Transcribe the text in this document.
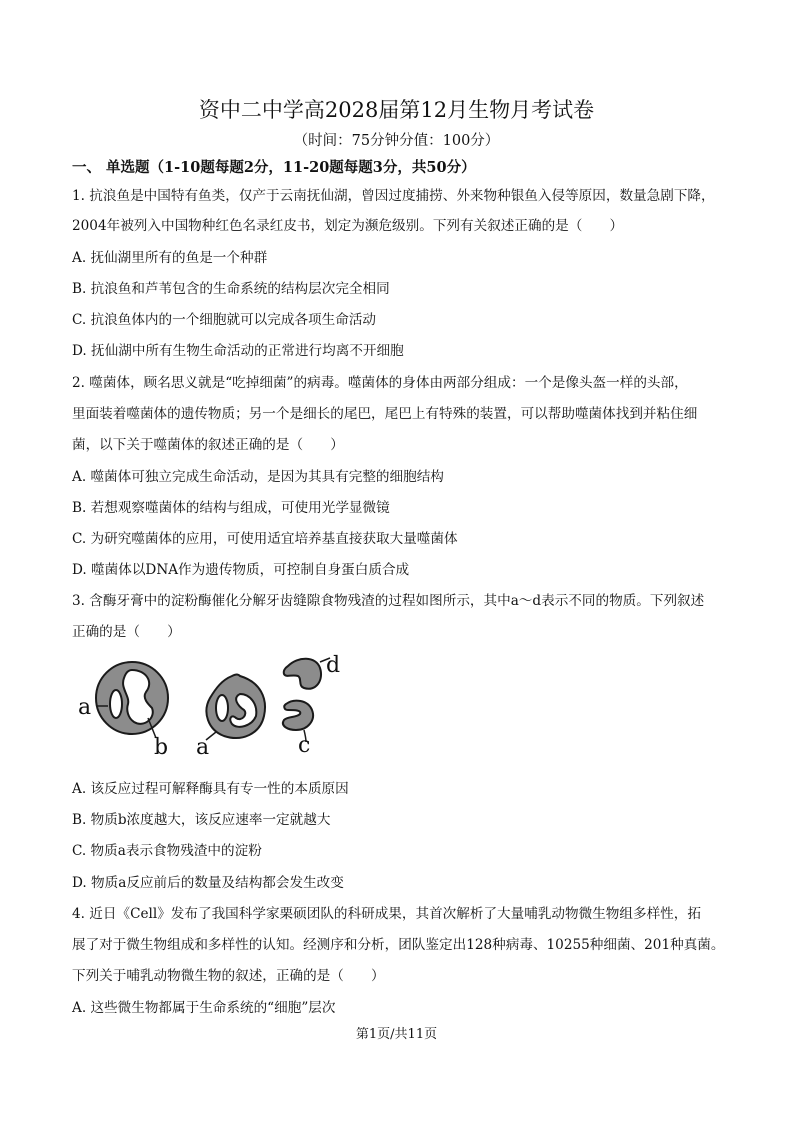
资中二中学高2028届第12月生物月考试卷
（时间：75分钟分值：100分）
一、 单选题（1-10题每题2分，11-20题每题3分，共50分）
1. 抗浪鱼是中国特有鱼类，仅产于云南抚仙湖，曾因过度捕捞、外来物种银鱼入侵等原因，数量急剧下降，
2004年被列入中国物种红色名录红皮书，划定为濒危级别。下列有关叙述正确的是（　　）
A. 抚仙湖里所有的鱼是一个种群
B. 抗浪鱼和芦苇包含的生命系统的结构层次完全相同
C. 抗浪鱼体内的一个细胞就可以完成各项生命活动
D. 抚仙湖中所有生物生命活动的正常进行均离不开细胞
2. 噬菌体，顾名思义就是“吃掉细菌”的病毒。噬菌体的身体由两部分组成：一个是像头盔一样的头部，
里面装着噬菌体的遗传物质；另一个是细长的尾巴，尾巴上有特殊的装置，可以帮助噬菌体找到并粘住细
菌，以下关于噬菌体的叙述正确的是（　　）
A. 噬菌体可独立完成生命活动，是因为其具有完整的细胞结构
B. 若想观察噬菌体的结构与组成，可使用光学显微镜
C. 为研究噬菌体的应用，可使用适宜培养基直接获取大量噬菌体
D. 噬菌体以DNA作为遗传物质，可控制自身蛋白质合成
3. 含酶牙膏中的淀粉酶催化分解牙齿缝隙食物残渣的过程如图所示，其中a～d表示不同的物质。下列叙述
正确的是（　　）
a
b a
d
c
A. 该反应过程可解释酶具有专一性的本质原因
B. 物质b浓度越大，该反应速率一定就越大
C. 物质a表示食物残渣中的淀粉
D. 物质a反应前后的数量及结构都会发生改变
4. 近日《Cell》发布了我国科学家栗硕团队的科研成果，其首次解析了大量哺乳动物微生物组多样性，拓
展了对于微生物组成和多样性的认知。经测序和分析，团队鉴定出128种病毒、10255种细菌、201种真菌。
下列关于哺乳动物微生物的叙述，正确的是（　　）
A. 这些微生物都属于生命系统的“细胞”层次
第1页/共11页
